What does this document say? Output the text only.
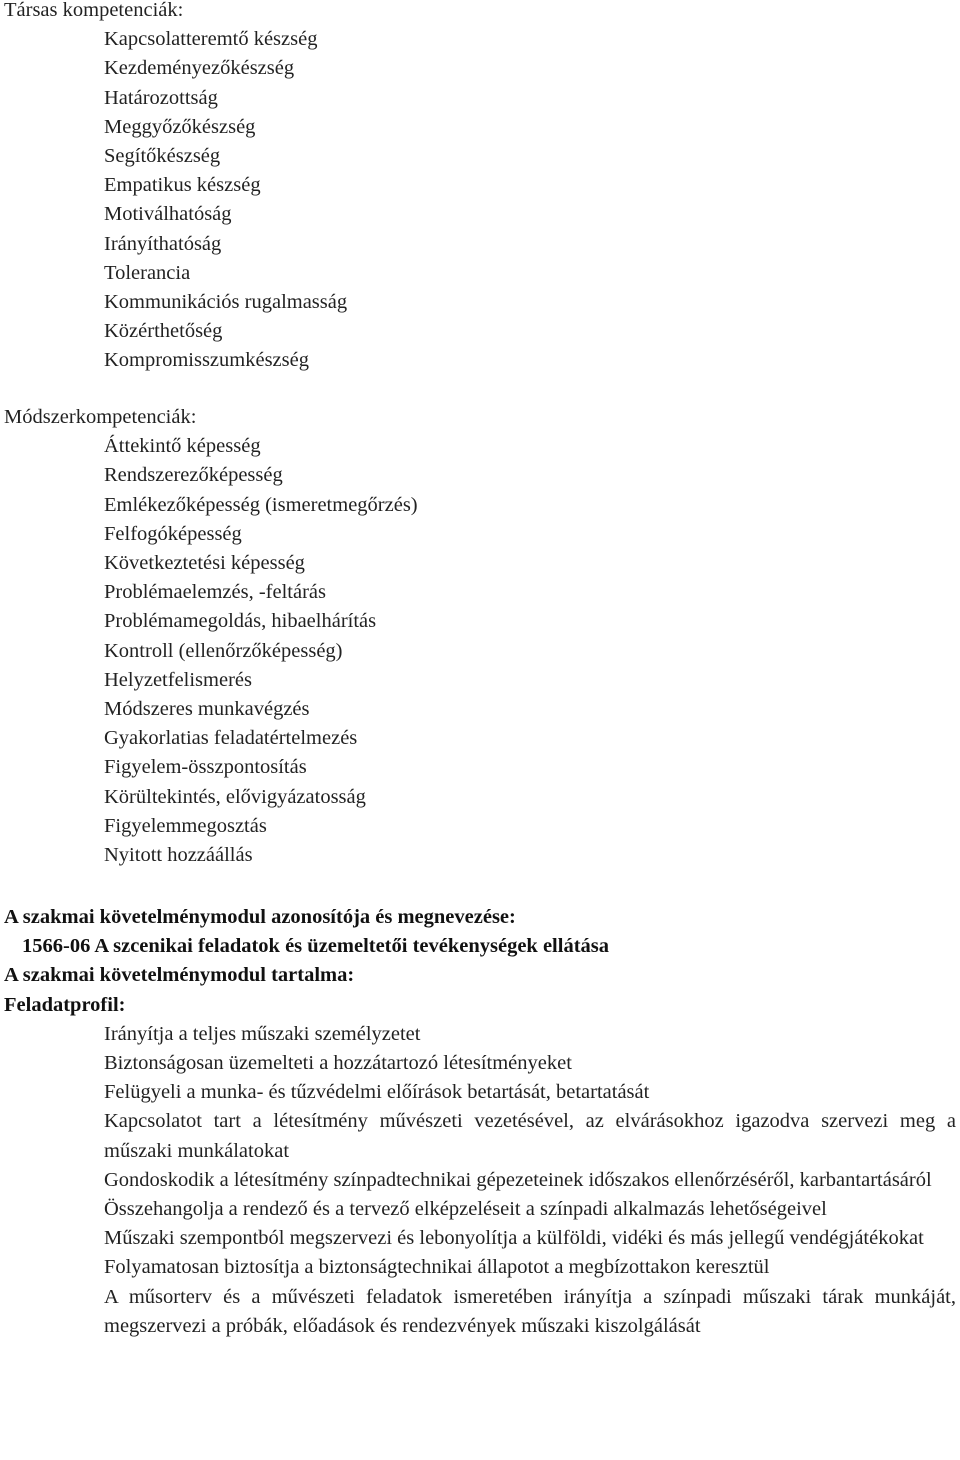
Társas kompetenciák:
Kapcsolatteremtő készség
Kezdeményezőkészség
Határozottság
Meggyőzőkészség
Segítőkészség
Empatikus készség
Motiválhatóság
Irányíthatóság
Tolerancia
Kommunikációs rugalmasság
Közérthetőség
Kompromisszumkészség
Módszerkompetenciák:
Áttekintő képesség
Rendszerezőképesség
Emlékezőképesség (ismeretmegőrzés)
Felfogóképesség
Következtetési képesség
Problémaelemzés, -feltárás
Problémamegoldás, hibaelhárítás
Kontroll (ellenőrzőképesség)
Helyzetfelismerés
Módszeres munkavégzés
Gyakorlatias feladatértelmezés
Figyelem-összpontosítás
Körültekintés, elővigyázatosság
Figyelemmegosztás
Nyitott hozzáállás
A szakmai követelménymodul azonosítója és megnevezése:
1566-06 A szcenikai feladatok és üzemeltetői tevékenységek ellátása
A szakmai követelménymodul tartalma:
Feladatprofil:
Irányítja a teljes műszaki személyzetet
Biztonságosan üzemelteti a hozzátartozó létesítményeket
Felügyeli a munka- és tűzvédelmi előírások betartását, betartatását
Kapcsolatot tart a létesítmény művészeti vezetésével, az elvárásokhoz igazodva szervezi meg a műszaki munkálatokat
Gondoskodik a létesítmény színpadtechnikai gépezeteinek időszakos ellenőrzéséről, karbantartásáról
Összehangolja a rendező és a tervező elképzeléseit a színpadi alkalmazás lehetőségeivel
Műszaki szempontból megszervezi és lebonyolítja a külföldi, vidéki és más jellegű vendégjátékokat
Folyamatosan biztosítja a biztonságtechnikai állapotot a megbízottakon keresztül
A műsorterv és a művészeti feladatok ismeretében irányítja a színpadi műszaki tárak munkáját, megszervezi a próbák, előadások és rendezvények műszaki kiszolgálását
